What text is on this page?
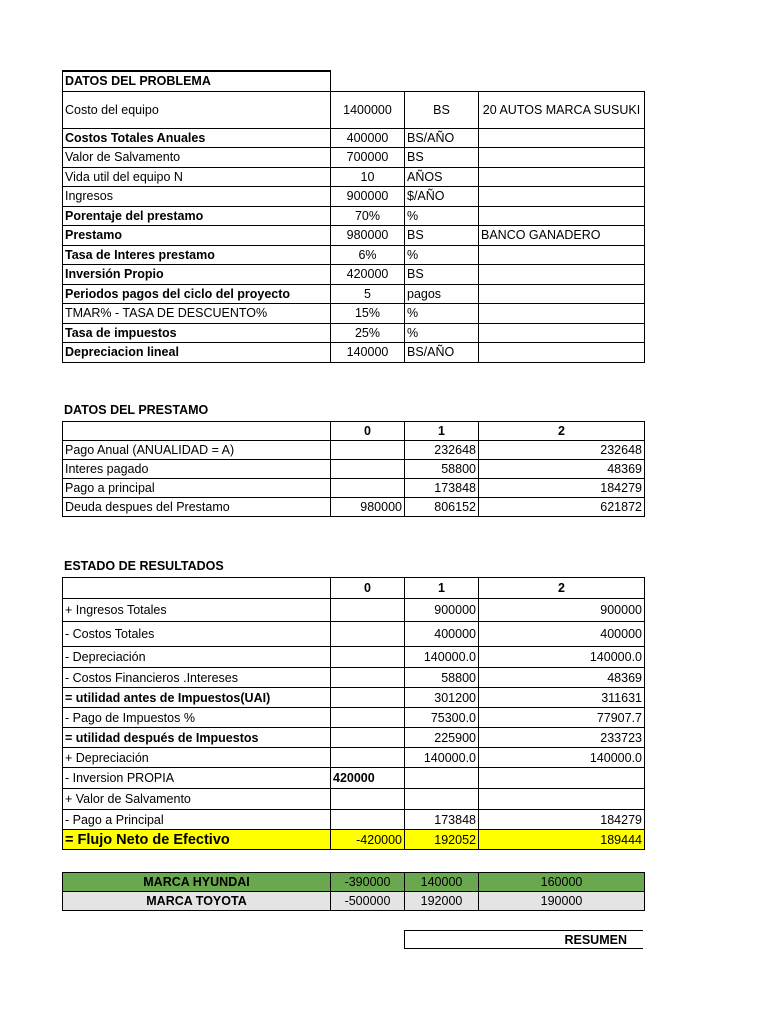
DATOS DEL PROBLEMA			
Costo del equipo	1400000	BS	20 AUTOS MARCA SUSUKI
Costos Totales Anuales	400000	BS/AÑO	
Valor de Salvamento	700000	BS	
Vida util del equipo N	10	AÑOS	
Ingresos	900000	$/AÑO	
Porentaje del prestamo	70%	%	
Prestamo	980000	BS	BANCO GANADERO
Tasa de Interes prestamo	6%	%	
Inversión Propio	420000	BS	
Periodos pagos del ciclo del proyecto	5	pagos	
TMAR% - TASA DE DESCUENTO%	15%	%	
Tasa de impuestos	25%	%	
Depreciacion lineal	140000	BS/AÑO	
DATOS DEL PRESTAMO
	0	1	2
Pago Anual (ANUALIDAD = A)		232648	232648
Interes pagado		58800	48369
Pago a principal		173848	184279
Deuda despues del Prestamo	980000	806152	621872
ESTADO DE RESULTADOS
	0	1	2
+ Ingresos Totales		900000	900000
- Costos Totales		400000	400000
- Depreciación		140000.0	140000.0
- Costos Financieros .Intereses		58800	48369
= utilidad antes de Impuestos(UAI)		301200	311631
- Pago de Impuestos %		75300.0	77907.7
= utilidad después de Impuestos		225900	233723
+ Depreciación		140000.0	140000.0
- Inversion PROPIA	420000		
+ Valor de Salvamento			
- Pago a Principal		173848	184279
= Flujo Neto de Efectivo	-420000	192052	189444
MARCA HYUNDAI	-390000	140000	160000
MARCA TOYOTA	-500000	192000	190000
RESUMEN
